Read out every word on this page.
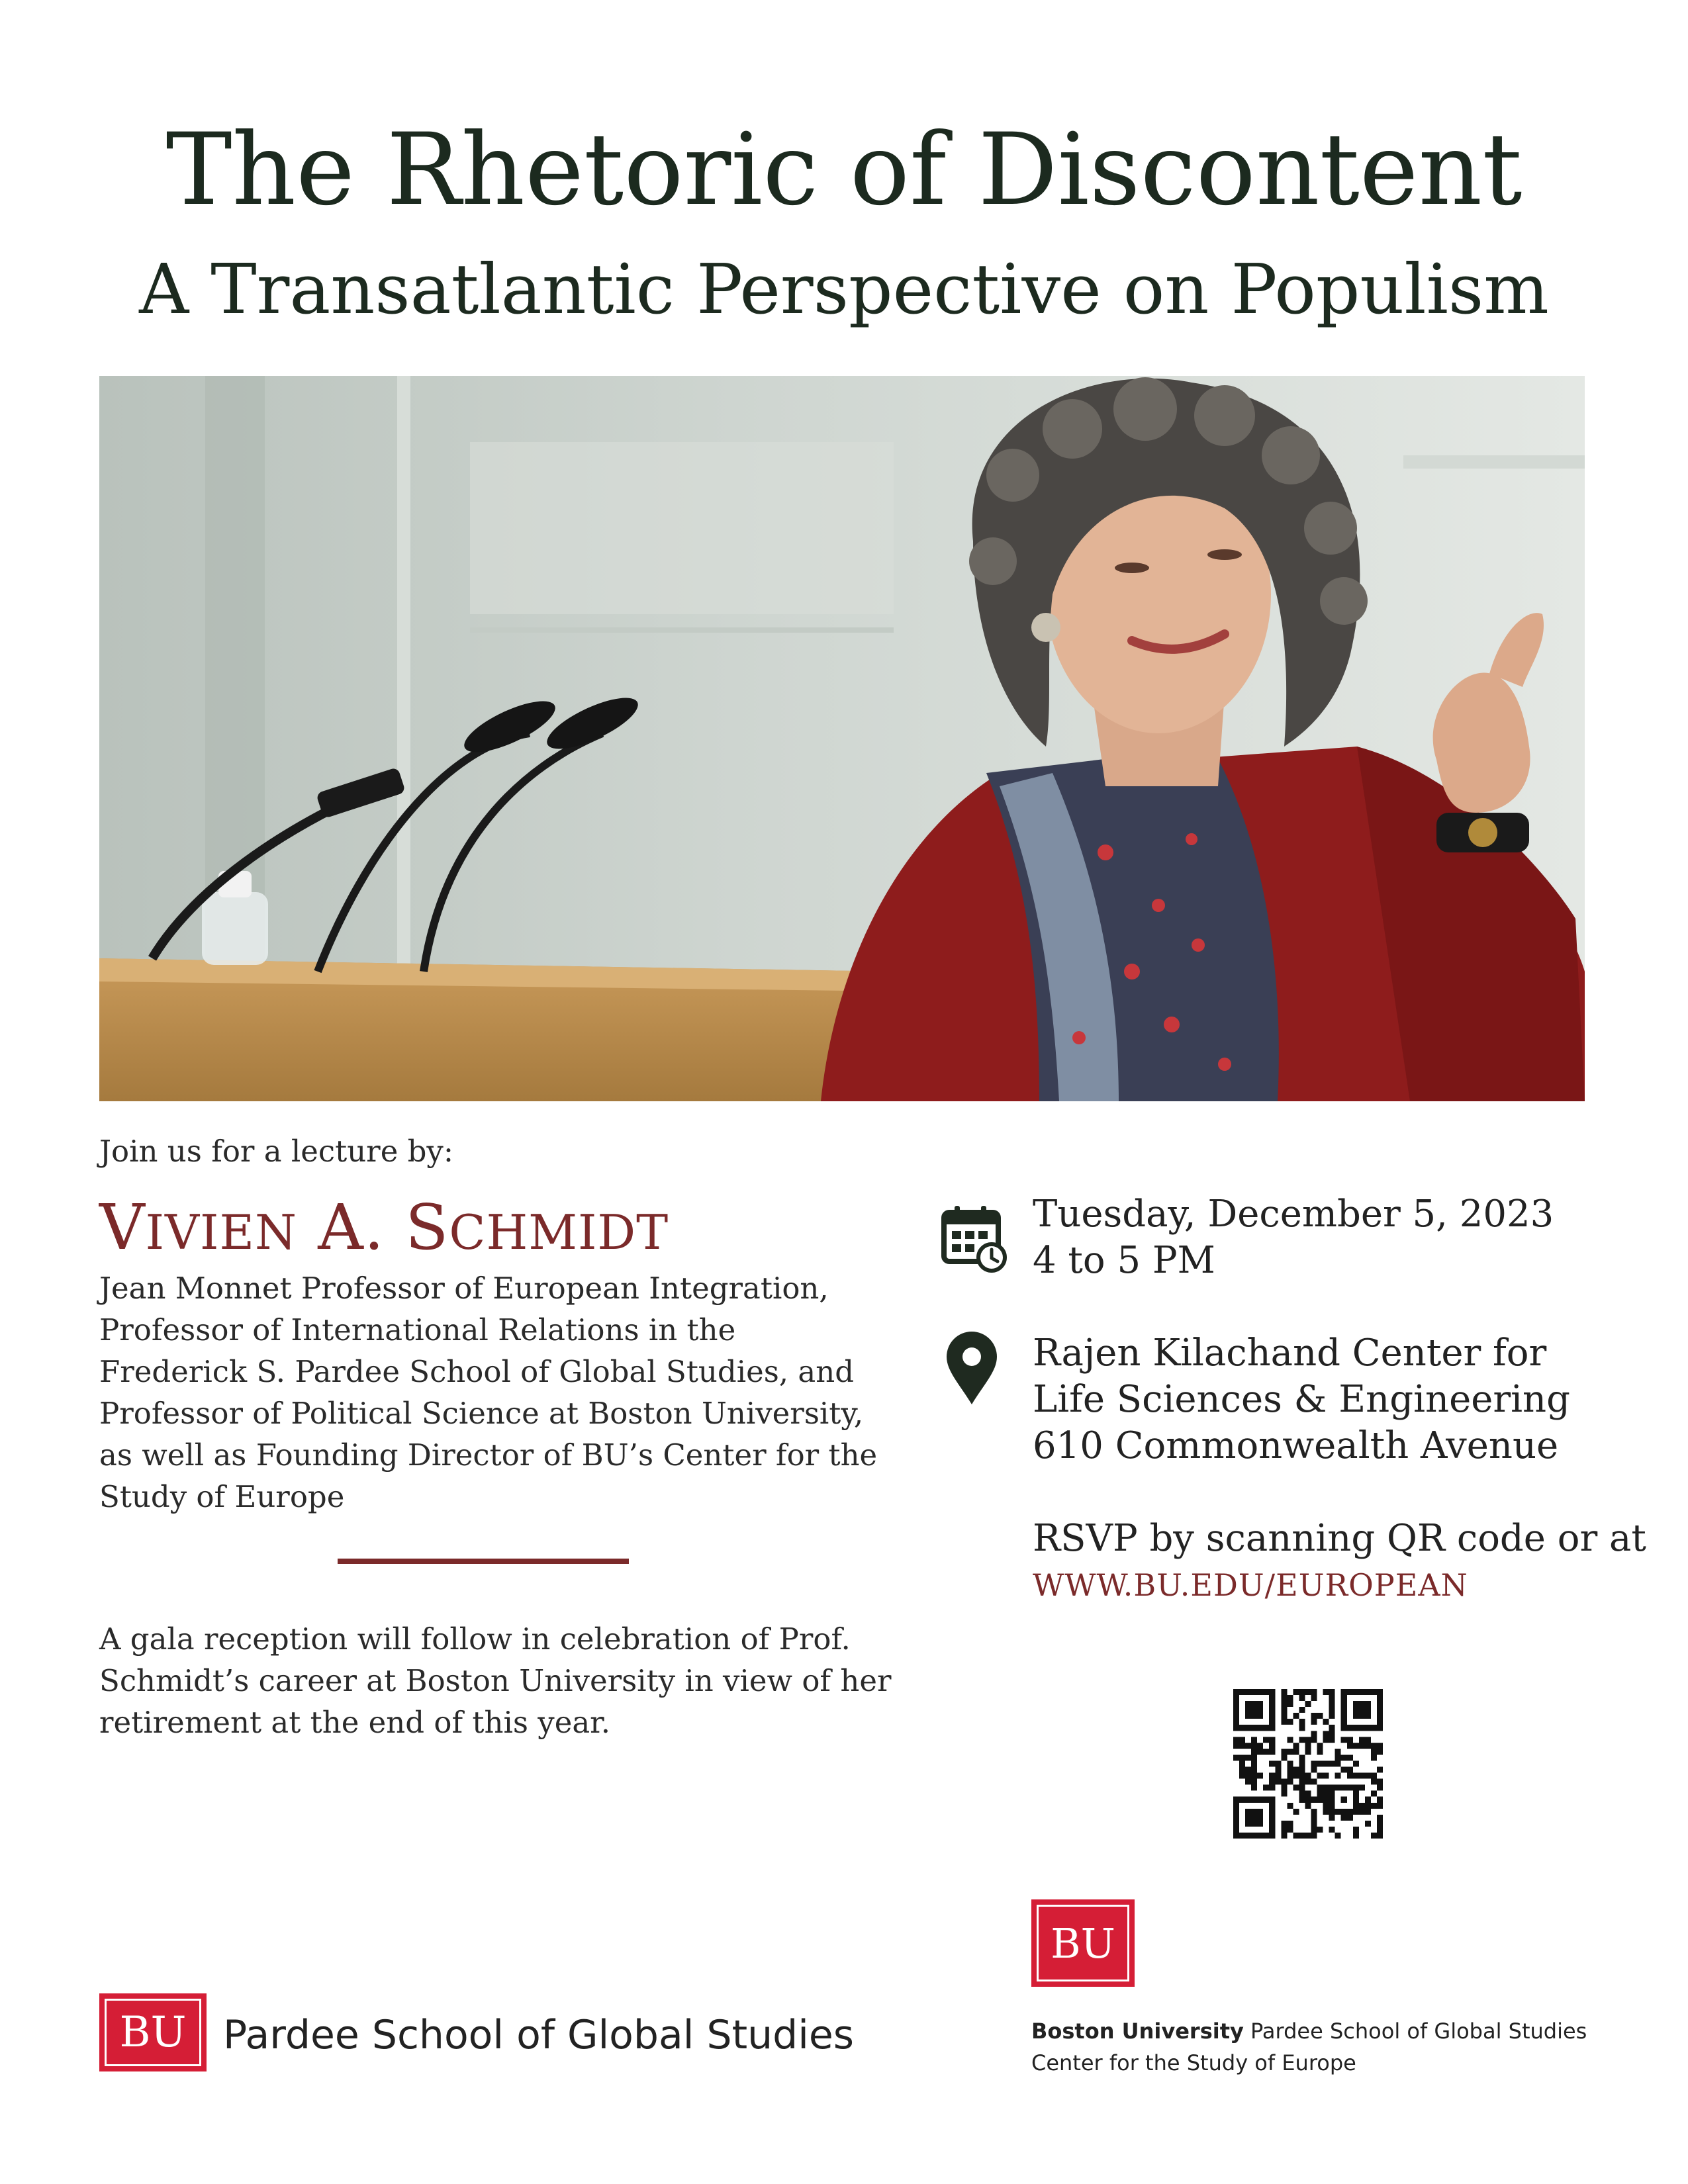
The Rhetoric of Discontent
A Transatlantic Perspective on Populism
Join us for a lecture by:
VIVIEN A. SCHMIDT
Jean Monnet Professor of European Integration,
Professor of International Relations in the
Frederick S. Pardee School of Global Studies, and
Professor of Political Science at Boston University,
as well as Founding Director of BU’s Center for the
Study of Europe
A gala reception will follow in celebration of Prof.
Schmidt’s career at Boston University in view of her
retirement at the end of this year.
Tuesday, December 5, 2023
4 to 5 PM
Rajen Kilachand Center for
Life Sciences & Engineering
610 Commonwealth Avenue
RSVP by scanning QR code or at
WWW.BU.EDU/EUROPEAN
BU Pardee School of Global Studies
BU
Boston University Pardee School of Global Studies
Center for the Study of Europe
